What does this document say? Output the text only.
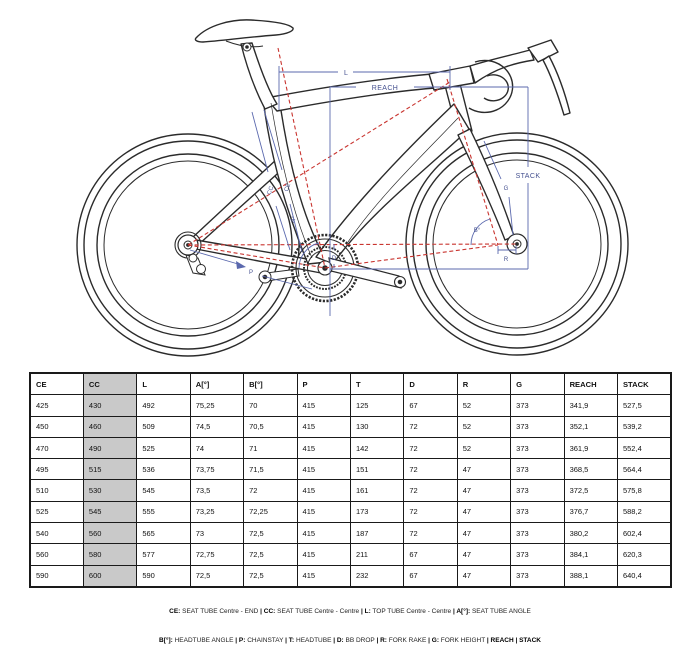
L
REACH
STACK
CC CE
A°
B°
D
P
R
G
CE	CC	L	A[°]	B[°]	P	T	D	R	G	REACH	STACK
425	430	492	75,25	70	415	125	67	52	373	341,9	527,5
450	460	509	74,5	70,5	415	130	72	52	373	352,1	539,2
470	490	525	74	71	415	142	72	52	373	361,9	552,4
495	515	536	73,75	71,5	415	151	72	47	373	368,5	564,4
510	530	545	73,5	72	415	161	72	47	373	372,5	575,8
525	545	555	73,25	72,25	415	173	72	47	373	376,7	588,2
540	560	565	73	72,5	415	187	72	47	373	380,2	602,4
560	580	577	72,75	72,5	415	211	67	47	373	384,1	620,3
590	600	590	72,5	72,5	415	232	67	47	373	388,1	640,4

CE: SEAT TUBE Centre - END | CC: SEAT TUBE Centre - Centre | L: TOP TUBE Centre - Centre | A[°]: SEAT TUBE ANGLE

B[°]: HEADTUBE ANGLE | P: CHAINSTAY | T: HEADTUBE | D: BB DROP | R: FORK RAKE | G: FORK HEIGHT | REACH | STACK
